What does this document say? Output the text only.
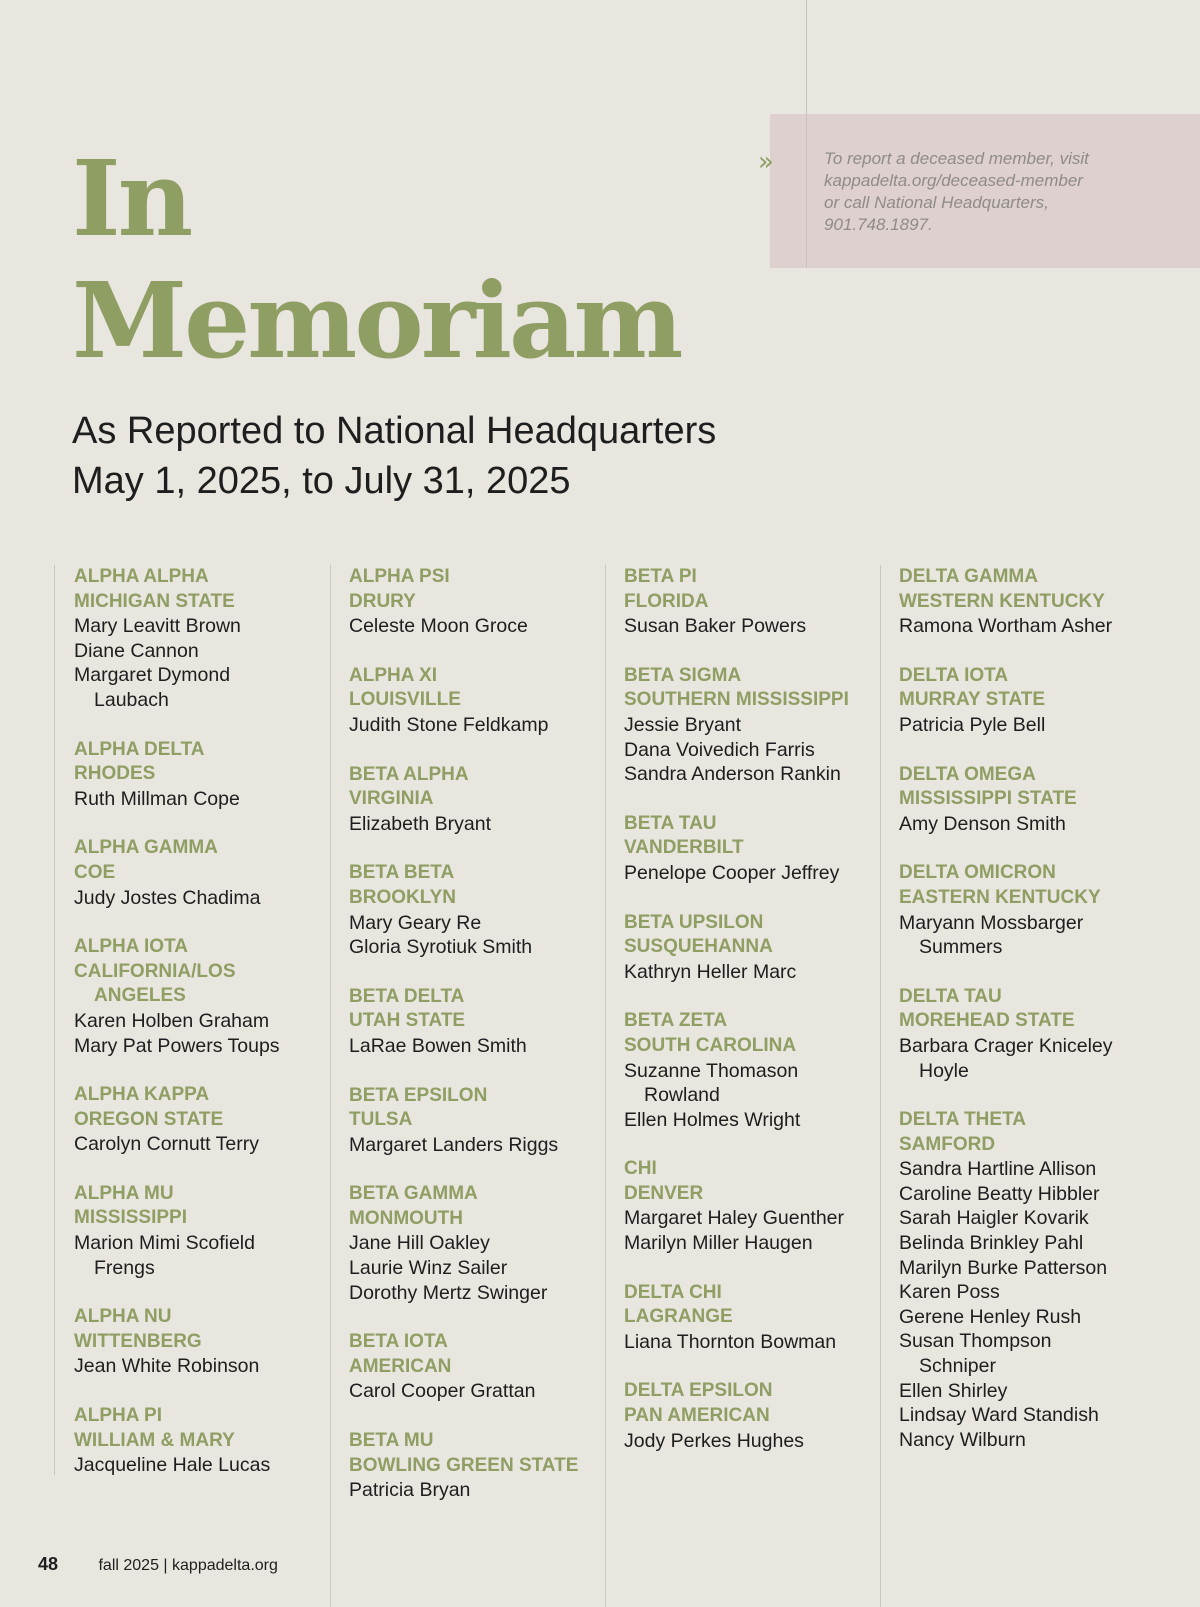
»	To report a deceased member, visit
kappadelta.org/deceased-member
or call National Headquarters,
901.748.1897.
In
Memoriam
As Reported to National Headquarters
May 1, 2025, to July 31, 2025
ALPHA ALPHA
MICHIGAN STATE
Mary Leavitt Brown
Diane Cannon
Margaret Dymond
Laubach
ALPHA DELTA
RHODES
Ruth Millman Cope
ALPHA GAMMA
COE
Judy Jostes Chadima
ALPHA IOTA
CALIFORNIA/LOS
ANGELES
Karen Holben Graham
Mary Pat Powers Toups
ALPHA KAPPA
OREGON STATE
Carolyn Cornutt Terry
ALPHA MU
MISSISSIPPI
Marion Mimi Scofield
Frengs
ALPHA NU
WITTENBERG
Jean White Robinson
ALPHA PI
WILLIAM & MARY
Jacqueline Hale Lucas
ALPHA PSI
DRURY
Celeste Moon Groce
ALPHA XI
LOUISVILLE
Judith Stone Feldkamp
BETA ALPHA
VIRGINIA
Elizabeth Bryant
BETA BETA
BROOKLYN
Mary Geary Re
Gloria Syrotiuk Smith
BETA DELTA
UTAH STATE
LaRae Bowen Smith
BETA EPSILON
TULSA
Margaret Landers Riggs
BETA GAMMA
MONMOUTH
Jane Hill Oakley
Laurie Winz Sailer
Dorothy Mertz Swinger
BETA IOTA
AMERICAN
Carol Cooper Grattan
BETA MU
BOWLING GREEN STATE
Patricia Bryan
BETA PI
FLORIDA
Susan Baker Powers
BETA SIGMA
SOUTHERN MISSISSIPPI
Jessie Bryant
Dana Voivedich Farris
Sandra Anderson Rankin
BETA TAU
VANDERBILT
Penelope Cooper Jeffrey
BETA UPSILON
SUSQUEHANNA
Kathryn Heller Marc
BETA ZETA
SOUTH CAROLINA
Suzanne Thomason
Rowland
Ellen Holmes Wright
CHI
DENVER
Margaret Haley Guenther
Marilyn Miller Haugen
DELTA CHI
LAGRANGE
Liana Thornton Bowman
DELTA EPSILON
PAN AMERICAN
Jody Perkes Hughes
DELTA GAMMA
WESTERN KENTUCKY
Ramona Wortham Asher
DELTA IOTA
MURRAY STATE
Patricia Pyle Bell
DELTA OMEGA
MISSISSIPPI STATE
Amy Denson Smith
DELTA OMICRON
EASTERN KENTUCKY
Maryann Mossbarger
Summers
DELTA TAU
MOREHEAD STATE
Barbara Crager Kniceley
Hoyle
DELTA THETA
SAMFORD
Sandra Hartline Allison
Caroline Beatty Hibbler
Sarah Haigler Kovarik
Belinda Brinkley Pahl
Marilyn Burke Patterson
Karen Poss
Gerene Henley Rush
Susan Thompson
Schniper
Ellen Shirley
Lindsay Ward Standish
Nancy Wilburn
48	fall 2025 | kappadelta.org
